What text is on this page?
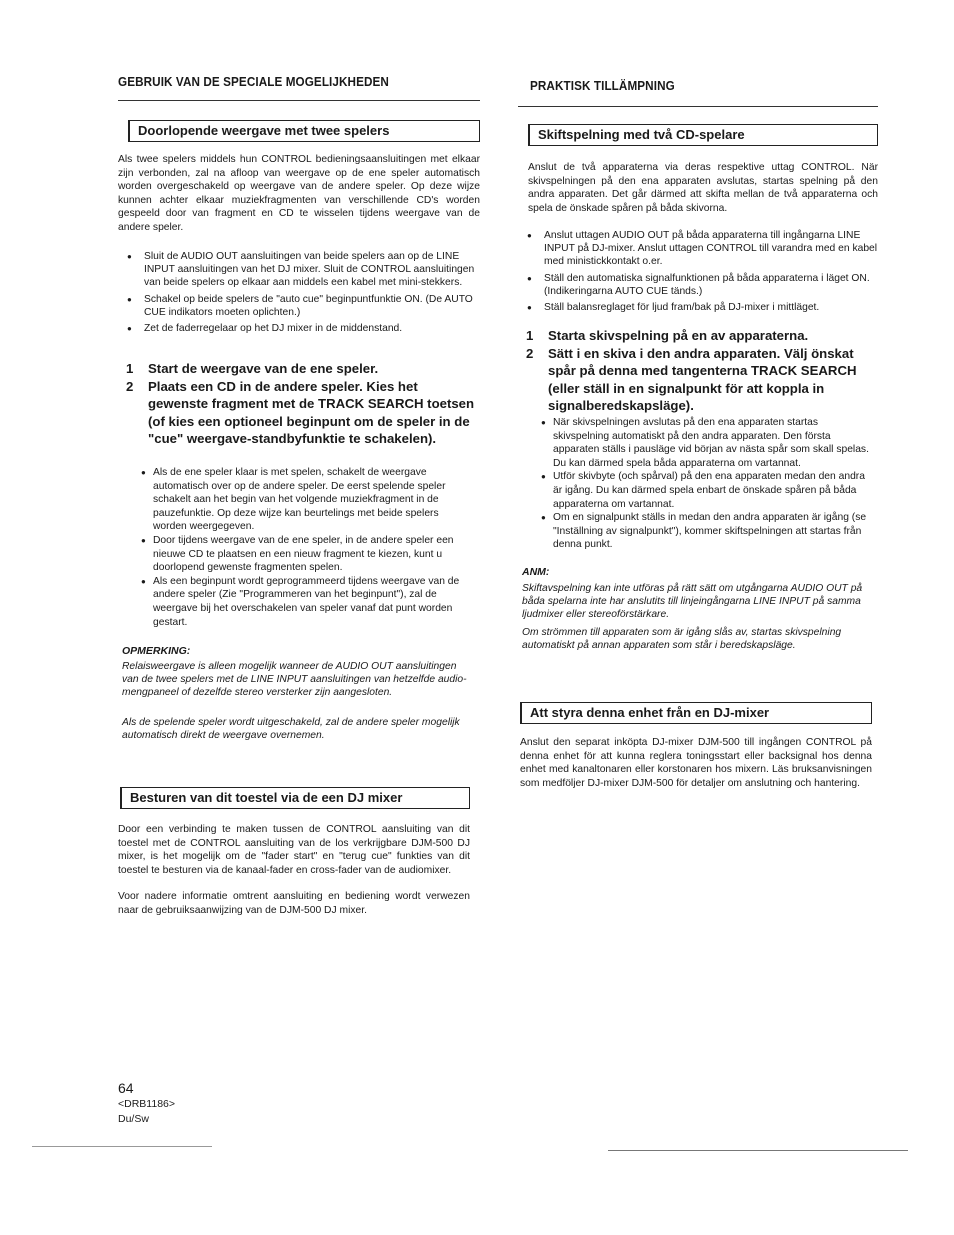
GEBRUIK VAN DE SPECIALE MOGELIJKHEDEN
Doorlopende weergave met twee spelers
Als twee spelers middels hun CONTROL bedieningsaansluitingen met elkaar zijn verbonden, zal na afloop van weergave op de ene speler automatisch worden overgeschakeld op weergave van de andere speler. Op deze wijze kunnen achter elkaar muziekfragmenten van verschillende CD's worden gespeeld door van fragment en CD te wisselen tijdens weergave van de andere speler.
● Sluit de AUDIO OUT aansluitingen van beide spelers aan op de LINE INPUT aansluitingen van het DJ mixer. Sluit de CONTROL aansluitingen van beide spelers op elkaar aan middels een kabel met mini-stekkers.
● Schakel op beide spelers de "auto cue" beginpuntfunktie ON. (De AUTO CUE indikators moeten oplichten.)
● Zet de faderregelaar op het DJ mixer in de middenstand.
1 Start de weergave van de ene speler.
2 Plaats een CD in de andere speler. Kies het gewenste fragment met de TRACK SEARCH toetsen (of kies een optioneel beginpunt om de speler in de "cue" weergave-standbyfunktie te schakelen).
● Als de ene speler klaar is met spelen, schakelt de weergave automatisch over op de andere speler. De eerst spelende speler schakelt aan het begin van het volgende muziekfragment in de pauzefunktie. Op deze wijze kan beurtelings met beide spelers worden weergegeven.
● Door tijdens weergave van de ene speler, in de andere speler een nieuwe CD te plaatsen en een nieuw fragment te kiezen, kunt u doorlopend gewenste fragmenten spelen.
● Als een beginpunt wordt geprogrammeerd tijdens weergave van de andere speler (Zie "Programmeren van het beginpunt"), zal de weergave bij het overschakelen van speler vanaf dat punt worden gestart.
OPMERKING:
Relaisweergave is alleen mogelijk wanneer de AUDIO OUT aansluitingen van de twee spelers met de LINE INPUT aansluitingen van hetzelfde audio-mengpaneel of dezelfde stereo versterker zijn aangesloten.
Als de spelende speler wordt uitgeschakeld, zal de andere speler mogelijk automatisch direkt de weergave overnemen.
Besturen van dit toestel via de een DJ mixer
Door een verbinding te maken tussen de CONTROL aansluiting van dit toestel met de CONTROL aansluiting van de los verkrijgbare DJM-500 DJ mixer, is het mogelijk om de "fader start" en "terug cue" funkties van dit toestel te besturen via de kanaal-fader en cross-fader van de audiomixer.
Voor nadere informatie omtrent aansluiting en bediening wordt verwezen naar de gebruiksaanwijzing van de DJM-500 DJ mixer.
PRAKTISK TILLÄMPNING
Skiftspelning med två CD-spelare
Anslut de två apparaterna via deras respektive uttag CONTROL. När skivspelningen på den ena apparaten avslutas, startas spelning på den andra apparaten. Det går därmed att skifta mellan de två apparaterna och spela de önskade spåren på båda skivorna.
● Anslut uttagen AUDIO OUT på båda apparaterna till ingångarna LINE INPUT på DJ-mixer. Anslut uttagen CONTROL till varandra med en kabel med ministickkontakt o.er.
● Ställ den automatiska signalfunktionen på båda apparaterna i läget ON. (Indikeringarna AUTO CUE tänds.)
● Ställ balansreglaget för ljud fram/bak på DJ-mixer i mittläget.
1 Starta skivspelning på en av apparaterna.
2 Sätt i en skiva i den andra apparaten. Välj önskat spår på denna med tangenterna TRACK SEARCH (eller ställ in en signalpunkt för att koppla in signalberedskapsläge).
● När skivspelningen avslutas på den ena apparaten startas skivspelning automatiskt på den andra apparaten. Den första apparaten ställs i pausläge vid början av nästa spår som skall spelas. Du kan därmed spela båda apparaterna om vartannat.
● Utför skivbyte (och spårval) på den ena apparaten medan den andra är igång. Du kan därmed spela enbart de önskade spåren på båda apparaterna om vartannat.
● Om en signalpunkt ställs in medan den andra apparaten är igång (se "Inställning av signalpunkt"), kommer skiftspelningen att startas från denna punkt.
ANM:
Skiftavspelning kan inte utföras på rätt sätt om utgångarna AUDIO OUT på båda spelarna inte har anslutits till linjeingångarna LINE INPUT på samma ljudmixer eller stereoförstärkare.
Om strömmen till apparaten som är igång slås av, startas skivspelning automatiskt på annan apparaten som står i beredskapsläge.
Att styra denna enhet från en DJ-mixer
Anslut den separat inköpta DJ-mixer DJM-500 till ingången CONTROL på denna enhet för att kunna reglera toningsstart eller backsignal hos denna enhet med kanaltonaren eller korstonaren hos mixern. Läs bruksanvisningen som medföljer DJ-mixer DJM-500 för detaljer om anslutning och hantering.
64
<DRB1186>
Du/Sw
